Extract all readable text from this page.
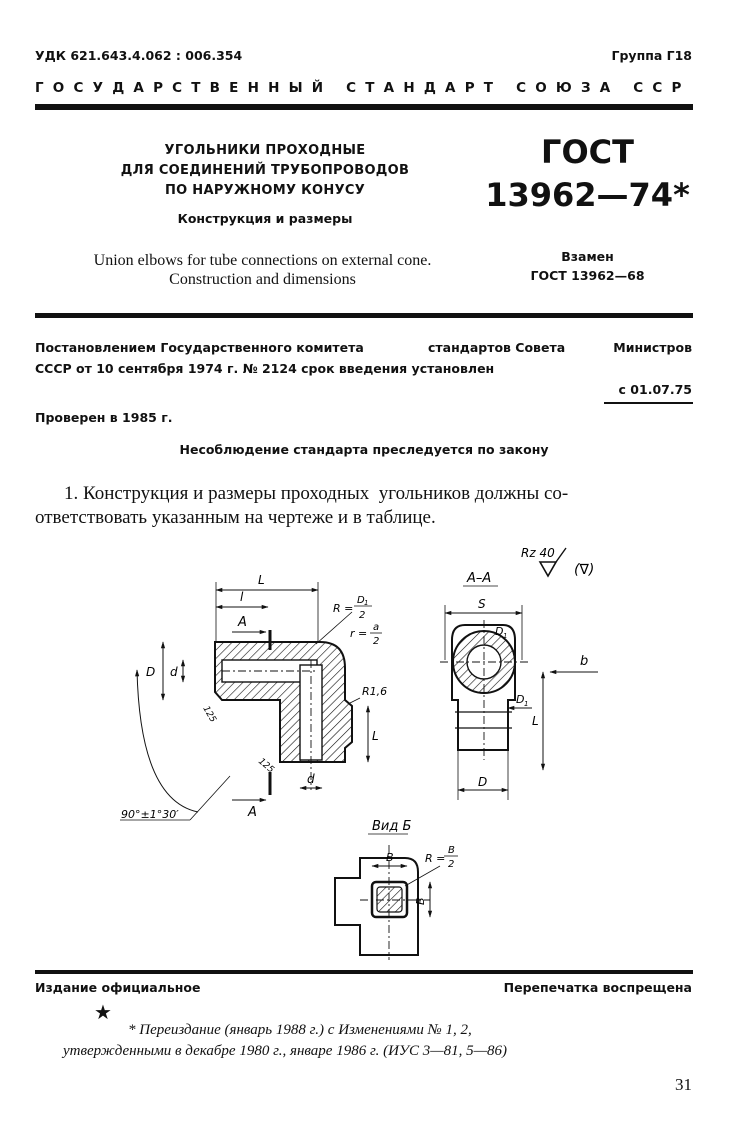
УДК 621.643.4.062 : 006.354	Группа Г18
ГОСУДАРСТВЕННЫЙ СТАНДАРТ СОЮЗА ССР
УГОЛЬНИКИ ПРОХОДНЫЕ
ДЛЯ СОЕДИНЕНИЙ ТРУБОПРОВОДОВ
ПО НАРУЖНОМУ КОНУСУ
Конструкция и размеры
Union elbows for tube connections on external cone.
Construction and dimensions
ГОСТ
13962—74*
Взамен
ГОСТ 13962—68
Постановлением Государственного комитета	стандартов Совета	Министров
СССР от 10 сентября 1974 г. № 2124 срок введения установлен
с 01.07.75
Проверен в 1985 г.
Несоблюдение стандарта преследуется по закону
1. Конструкция и размеры проходных  угольников должны со-
ответствовать указанным на чертеже и в таблице.
Rz 40
(∇)
L
l
А
А
D d
R =
D 1
2
r = a
2
R1,6
L
d
125
125
90°±1°30′
А–А
S
D 1
D 1
L
b
D
Вид Б
В
В
R =
В
2
Издание официальное	Перепечатка воспрещена
★
* Переиздание (январь 1988 г.) с Изменениями № 1, 2,
утвержденными в декабре 1980 г., январе 1986 г. (ИУС 3—81, 5—86)
31
